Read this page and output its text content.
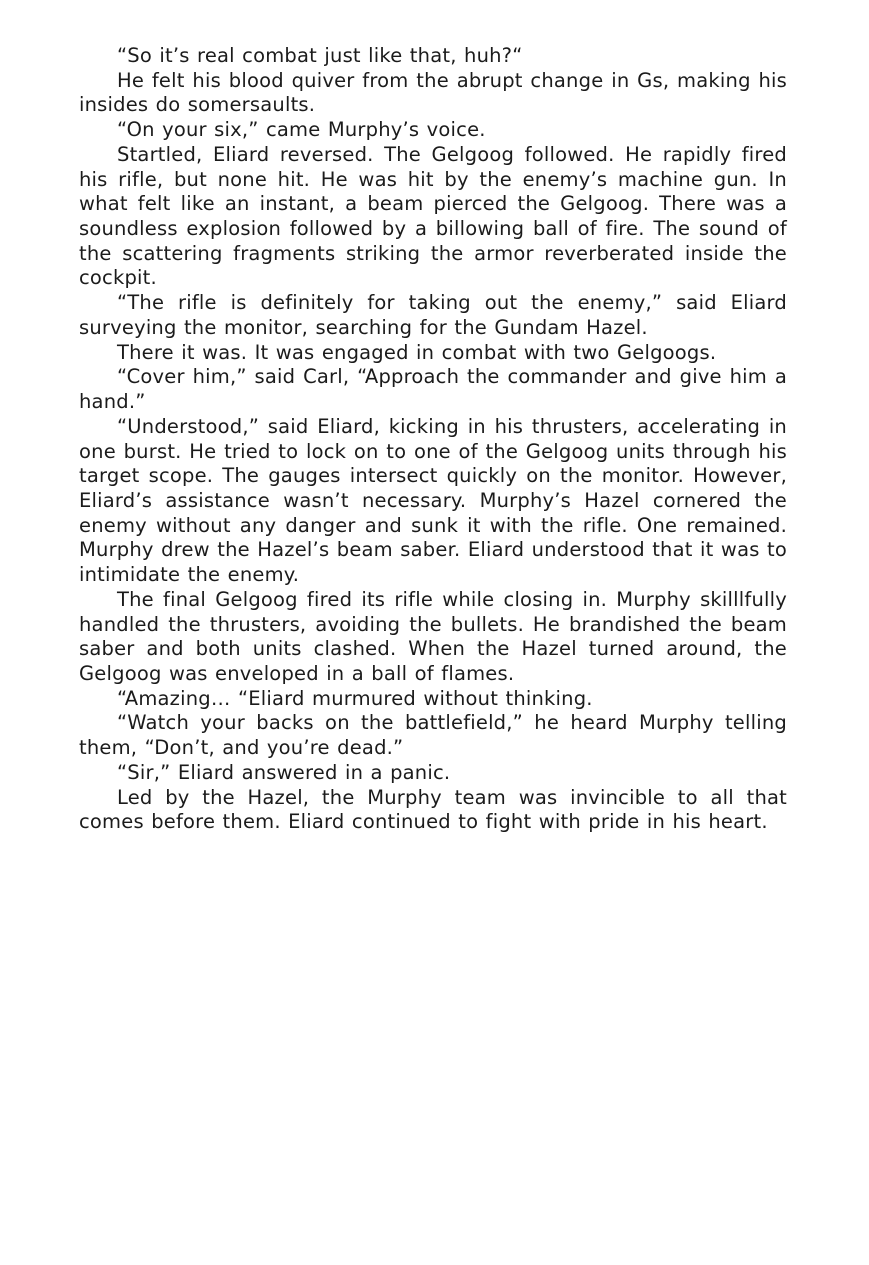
“So it’s real combat just like that, huh?“

He felt his blood quiver from the abrupt change in Gs, making his insides do somersaults.

“On your six,” came Murphy’s voice.

Startled, Eliard reversed. The Gelgoog followed. He rapidly fired his rifle, but none hit. He was hit by the enemy’s machine gun. In what felt like an instant, a beam pierced the Gelgoog. There was a soundless explosion followed by a billowing ball of fire. The sound of the scattering fragments striking the armor reverberated inside the cockpit.

“The rifle is definitely for taking out the enemy,” said Eliard surveying the monitor, searching for the Gundam Hazel.

There it was. It was engaged in combat with two Gelgoogs.

“Cover him,” said Carl, “Approach the commander and give him a hand.”

“Understood,” said Eliard, kicking in his thrusters, accelerating in one burst. He tried to lock on to one of the Gelgoog units through his target scope. The gauges intersect quickly on the monitor. However, Eliard’s assistance wasn’t necessary. Murphy’s Hazel cornered the enemy without any danger and sunk it with the rifle. One remained. Murphy drew the Hazel’s beam saber. Eliard understood that it was to intimidate the enemy.

The final Gelgoog fired its rifle while closing in. Murphy skilllfully handled the thrusters, avoiding the bullets. He brandished the beam saber and both units clashed. When the Hazel turned around, the Gelgoog was enveloped in a ball of flames.

“Amazing… “Eliard murmured without thinking.

“Watch your backs on the battlefield,” he heard Murphy telling them, “Don’t, and you’re dead.”

“Sir,” Eliard answered in a panic.

Led by the Hazel, the Murphy team was invincible to all that comes before them. Eliard continued to fight with pride in his heart.
